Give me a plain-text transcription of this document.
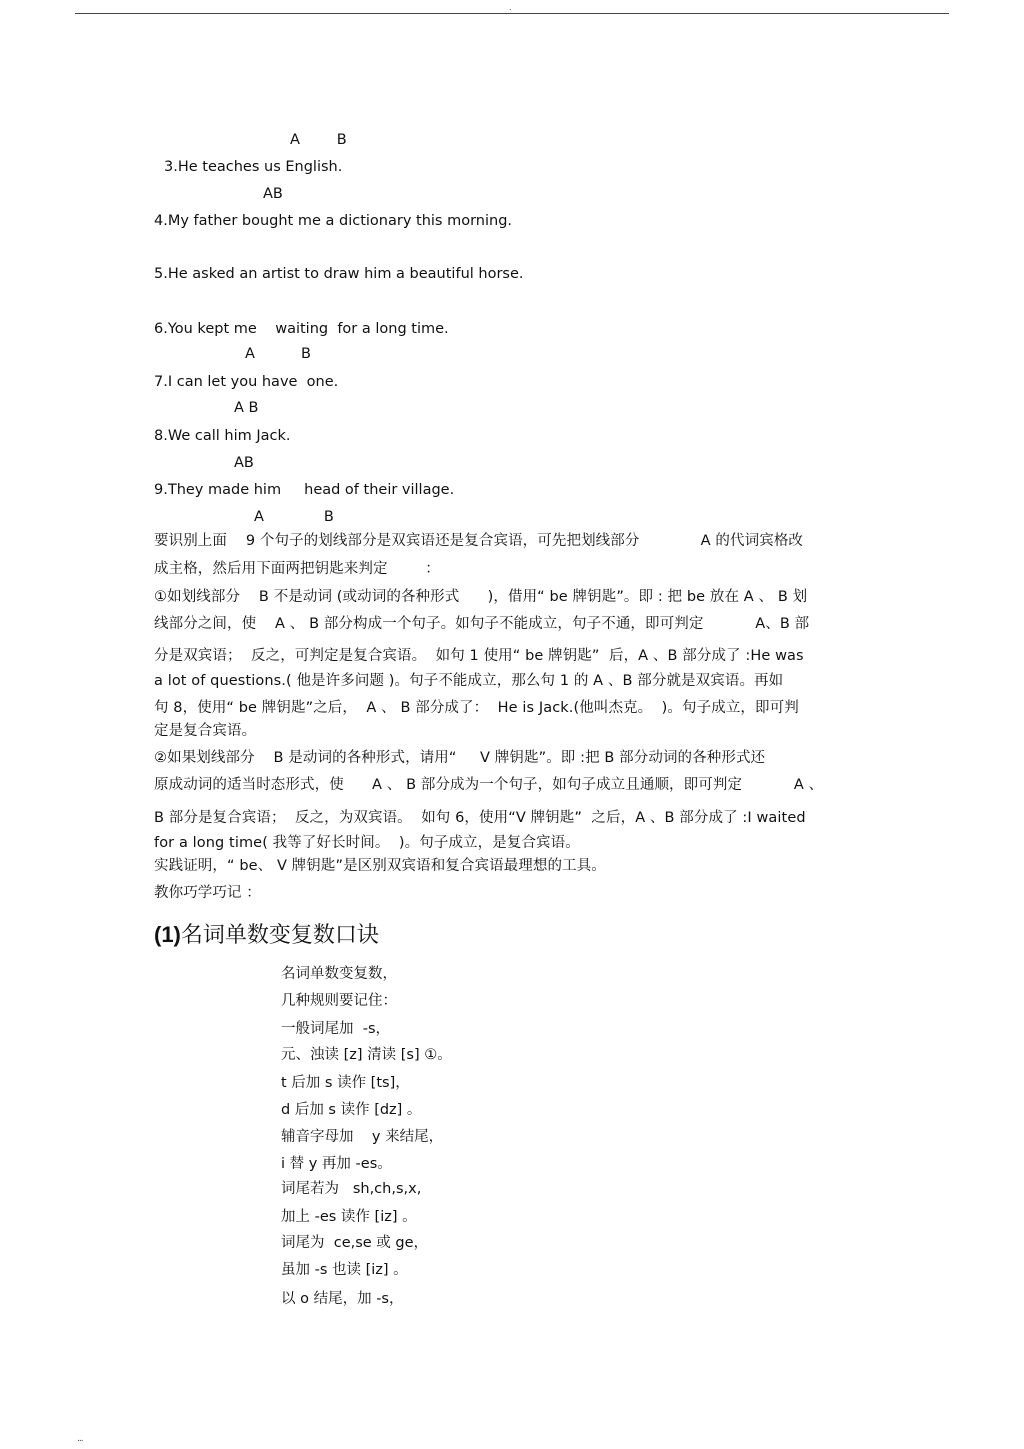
.
A        B
3.He teaches us English.
AB
4.My father bought me a dictionary this morning.
5.He asked an artist to draw him a beautiful horse.
6.You kept me    waiting  for a long time.
A          B
7.I can let you have  one.
A B
8.We call him Jack.
AB
9.They made him     head of their village.
A             B
要识别上面    9 个句子的划线部分是双宾语还是复合宾语，可先把划线部分             A 的代词宾格改
成主格，然后用下面两把钥匙来判定        ：
①如划线部分    B 不是动词 (或动词的各种形式      )，借用“ be 牌钥匙”。即 : 把 be 放在 A 、 B 划
线部分之间，使    A 、 B 部分构成一个句子。如句子不能成立，句子不通，即可判定           A、B 部
分是双宾语；  反之，可判定是复合宾语。  如句 1 使用“ be 牌钥匙”  后，A 、B 部分成了 :He was
a lot of questions.( 他是许多问题 )。句子不能成立，那么句 1 的 A 、B 部分就是双宾语。再如
句 8，使用“ be 牌钥匙”之后，  A 、 B 部分成了：  He is Jack.(他叫杰克。  )。句子成立，即可判
定是复合宾语。
②如果划线部分    B 是动词的各种形式，请用“     V 牌钥匙”。即 :把 B 部分动词的各种形式还
原成动词的适当时态形式，使      A 、 B 部分成为一个句子，如句子成立且通顺，即可判定           A 、
B 部分是复合宾语；  反之，为双宾语。  如句 6，使用“V 牌钥匙”  之后，A 、B 部分成了 :I waited
for a long time( 我等了好长时间。  )。句子成立，是复合宾语。
实践证明，“ be、 V 牌钥匙”是区别双宾语和复合宾语最理想的工具。
教你巧学巧记 ：
(1)名词单数变复数口诀
名词单数变复数，
几种规则要记住：
一般词尾加  -s，
元、浊读 [z] 清读 [s] ①。
t 后加 s 读作 [ts]，
d 后加 s 读作 [dz] 。
辅音字母加    y 来结尾，
i 替 y 再加 -es。
词尾若为   sh,ch,s,x,
加上 -es 读作 [iz] 。
词尾为  ce,se 或 ge，
虽加 -s 也读 [iz] 。
以 o 结尾，加 -s，
...
